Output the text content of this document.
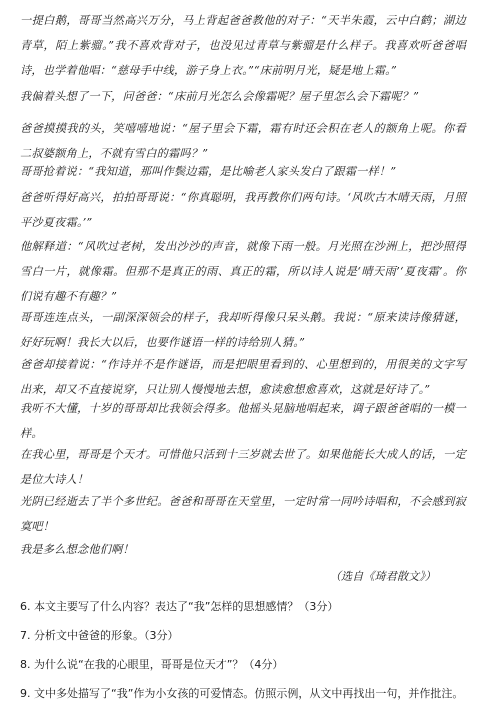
一提白鹅，哥哥当然高兴万分，马上背起爸爸教他的对子：“天半朱霞，云中白鹤；湖边青草，陌上紫骝。”我不喜欢背对子，也没见过青草与紫骝是什么样子。我喜欢听爸爸唱诗，也学着他唱：“慈母手中线，游子身上衣。”“床前明月光，疑是地上霜。”

我偏着头想了一下，问爸爸：“床前月光怎么会像霜呢？屋子里怎么会下霜呢？”

爸爸摸摸我的头，笑嘻嘻地说：“屋子里会下霜，霜有时还会积在老人的额角上呢。你看二叔婆额角上，不就有雪白的霜吗？”

哥哥抢着说：“我知道，那叫作鬓边霜，是比喻老人家头发白了跟霜一样！”

爸爸听得好高兴，拍拍哥哥说：“你真聪明，我再教你们两句诗。‘风吹古木晴天雨，月照平沙夏夜霜。’”

他解释道：“风吹过老树，发出沙沙的声音，就像下雨一般。月光照在沙洲上，把沙照得雪白一片，就像霜。但那不是真正的雨、真正的霜，所以诗人说是‘晴天雨’‘夏夜霜’。你们说有趣不有趣？”

哥哥连连点头，一副深深领会的样子，我却听得像只呆头鹅。我说：“原来读诗像猜谜，好好玩啊！我长大以后，也要作谜语一样的诗给别人猜。”

爸爸却接着说：“作诗并不是作谜语，而是把眼里看到的、心里想到的，用很美的文字写出来，却又不直接说穿，只让别人慢慢地去想，愈读愈想愈喜欢，这就是好诗了。”

我听不大懂，十岁的哥哥却比我领会得多。他摇头晃脑地唱起来，调子跟爸爸唱的一模一样。

在我心里，哥哥是个天才。可惜他只活到十三岁就去世了。如果他能长大成人的话，一定是位大诗人！

光阴已经逝去了半个多世纪。爸爸和哥哥在天堂里，一定时常一同吟诗唱和，不会感到寂寞吧！

我是多么想念他们啊！

（选自《琦君散文》）
6. 本文主要写了什么内容？表达了“我”怎样的思想感情？（3分）
7. 分析文中爸爸的形象。（3分）
8. 为什么说“在我的心眼里，哥哥是位天才”？（4分）
9. 文中多处描写了“我”作为小女孩的可爱情态。仿照示例，从文中再找出一句，并作批注。
